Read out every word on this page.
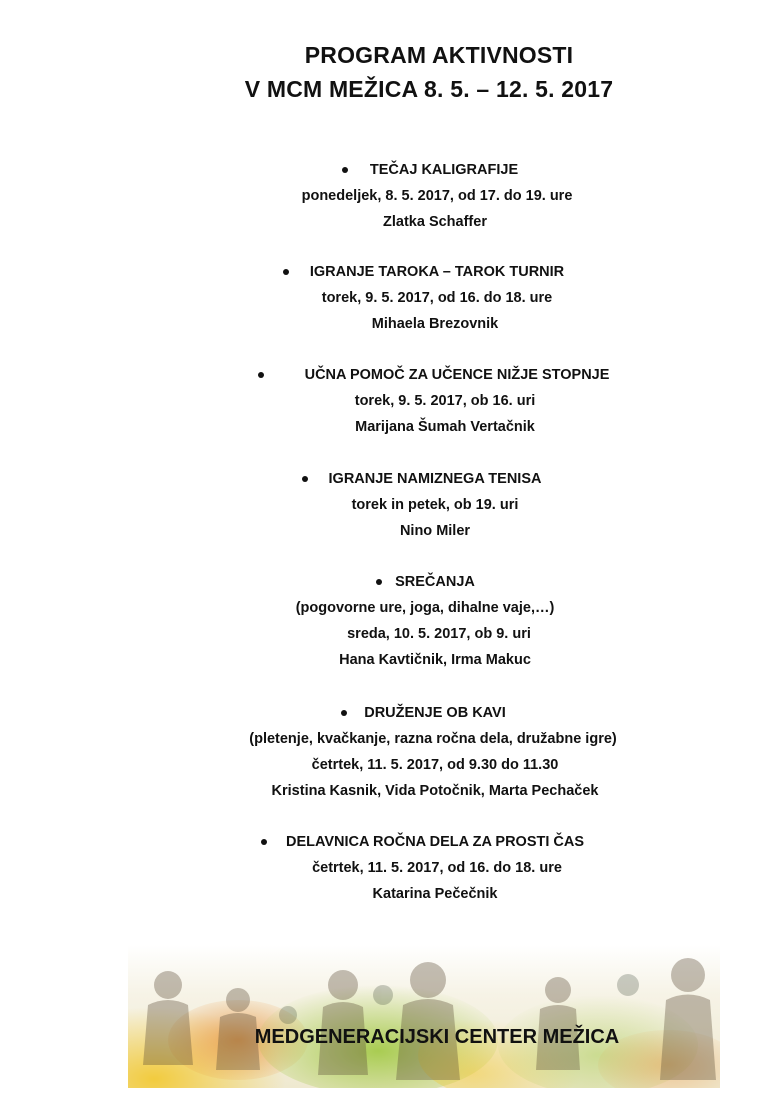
PROGRAM AKTIVNOSTI
V MCM MEŽICA 8. 5. – 12. 5. 2017
TEČAJ KALIGRAFIJE
ponedeljek, 8. 5. 2017, od 17. do 19. ure
Zlatka Schaffer
IGRANJE TAROKA – TAROK TURNIR
torek, 9. 5. 2017, od 16. do 18. ure
Mihaela Brezovnik
UČNA POMOČ ZA UČENCE NIŽJE STOPNJE
torek, 9. 5. 2017, ob 16. uri
Marijana Šumah Vertačnik
IGRANJE NAMIZNEGA TENISA
torek in petek, ob 19. uri
Nino Miler
SREČANJA
(pogovorne ure, joga, dihalne vaje,…)
sreda, 10. 5. 2017, ob 9. uri
Hana Kavtičnik, Irma Makuc
DRUŽENJE OB KAVI
(pletenje, kvačkanje, razna ročna dela, družabne igre)
četrtek, 11. 5. 2017, od 9.30 do 11.30
Kristina Kasnik, Vida Potočnik, Marta Pechaček
DELAVNICA ROČNA DELA ZA PROSTI ČAS
četrtek, 11. 5. 2017, od 16. do 18. ure
Katarina Pečečnik
MEDGENERACIJSKI CENTER MEŽICA
